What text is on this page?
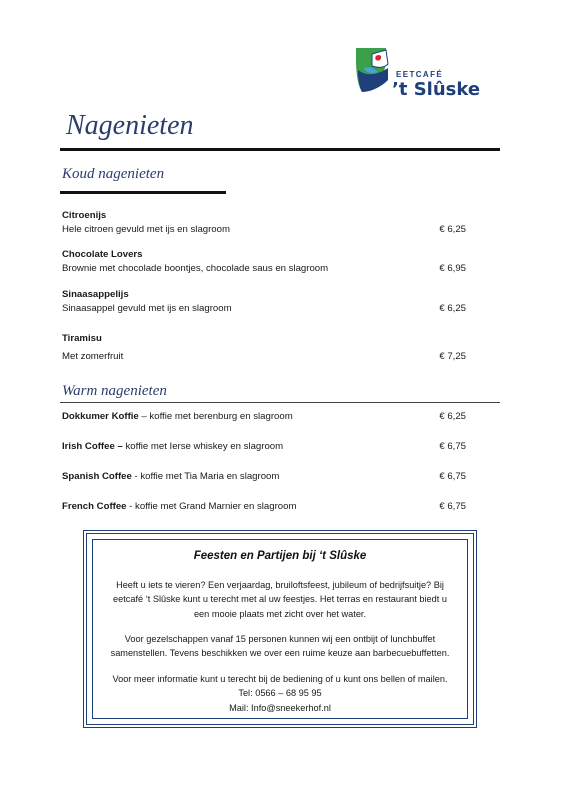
EETCAFÉ
’t Slûske
Nagenieten
Koud nagenieten
Citroenijs
Hele citroen gevuld met ijs en slagroom	€ 6,25
Chocolate Lovers
Brownie met chocolade boontjes, chocolade saus en slagroom	€ 6,95
Sinaasappelijs
Sinaasappel gevuld met ijs en slagroom	€ 6,25
Tiramisu
Met zomerfruit	€ 7,25
Warm nagenieten
Dokkumer Koffie – koffie met berenburg en slagroom	€ 6,25
Irish Coffee – koffie met Ierse whiskey en slagroom	€ 6,75
Spanish Coffee - koffie met Tia Maria en slagroom	€ 6,75
French Coffee - koffie met Grand Marnier en slagroom	€ 6,75
Feesten en Partijen bij ‘t Slûske
Heeft u iets te vieren? Een verjaardag, bruiloftsfeest, jubileum of bedrijfsuitje? Bij
eetcafé ‘t Slûske kunt u terecht met al uw feestjes. Het terras en restaurant biedt u
een mooie plaats met zicht over het water.
Voor gezelschappen vanaf 15 personen kunnen wij een ontbijt of lunchbuffet
samenstellen. Tevens beschikken we over een ruime keuze aan barbecuebuffetten.
Voor meer informatie kunt u terecht bij de bediening of u kunt ons bellen of mailen.
Tel: 0566 – 68 95 95
Mail: Info@sneekerhof.nl
